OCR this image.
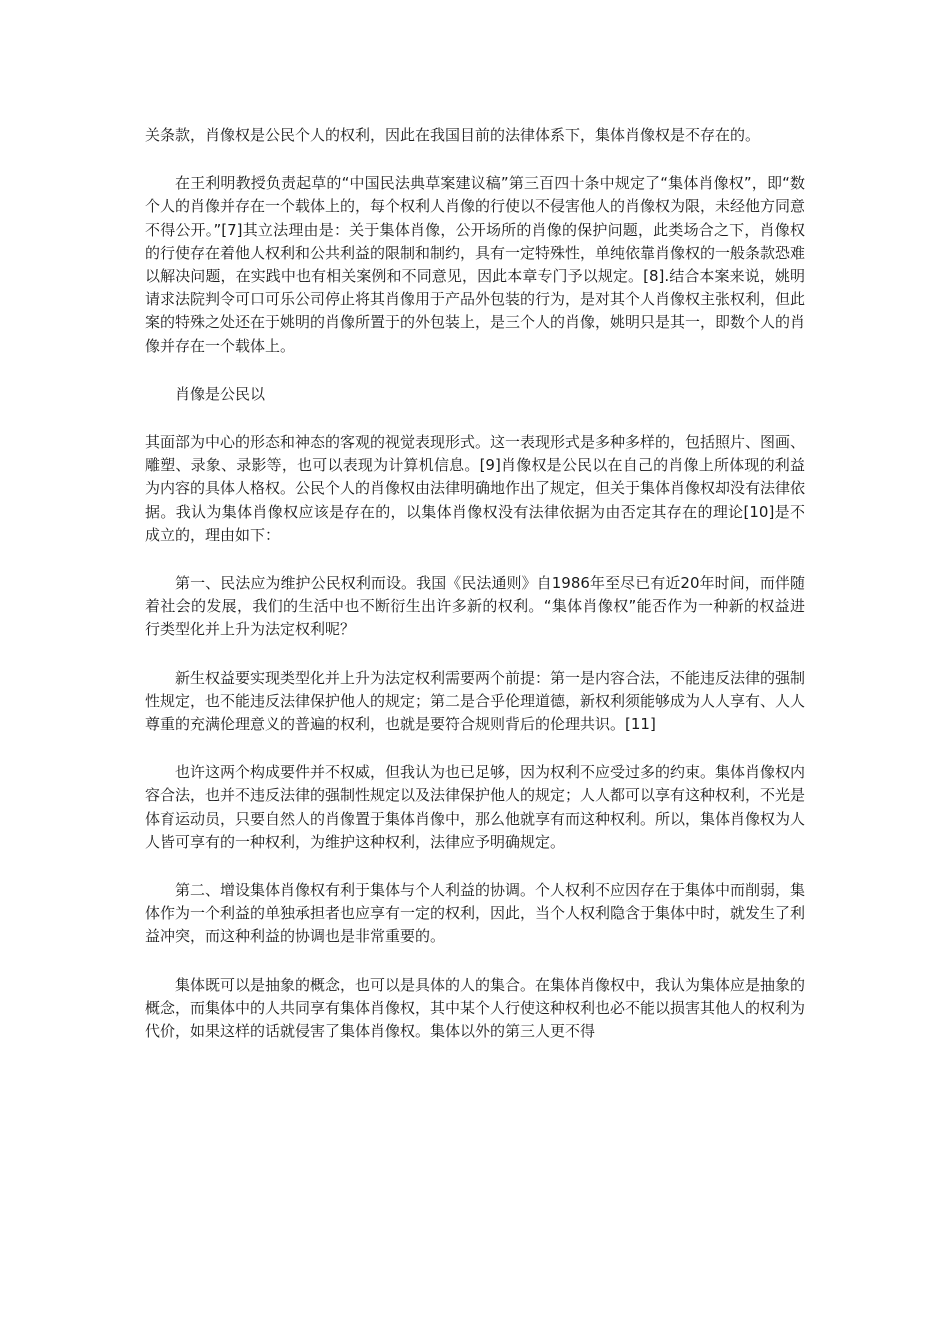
关条款，肖像权是公民个人的权利，因此在我国目前的法律体系下，集体肖像权是不存在的。

在王利明教授负责起草的“中国民法典草案建议稿”第三百四十条中规定了“集体肖像权”，即“数个人的肖像并存在一个载体上的，每个权利人肖像的行使以不侵害他人的肖像权为限，未经他方同意不得公开。”[7]其立法理由是：关于集体肖像，公开场所的肖像的保护问题，此类场合之下，肖像权的行使存在着他人权利和公共利益的限制和制约，具有一定特殊性，单纯依靠肖像权的一般条款恐难以解决问题，在实践中也有相关案例和不同意见，因此本章专门予以规定。[8].结合本案来说，姚明请求法院判令可口可乐公司停止将其肖像用于产品外包装的行为，是对其个人肖像权主张权利，但此案的特殊之处还在于姚明的肖像所置于的外包装上，是三个人的肖像，姚明只是其一，即数个人的肖像并存在一个载体上。

肖像是公民以

其面部为中心的形态和神态的客观的视觉表现形式。这一表现形式是多种多样的，包括照片、图画、雕塑、录象、录影等，也可以表现为计算机信息。[9]肖像权是公民以在自己的肖像上所体现的利益为内容的具体人格权。公民个人的肖像权由法律明确地作出了规定，但关于集体肖像权却没有法律依据。我认为集体肖像权应该是存在的，以集体肖像权没有法律依据为由否定其存在的理论[10]是不成立的，理由如下：

第一、民法应为维护公民权利而设。我国《民法通则》自1986年至尽已有近20年时间，而伴随着社会的发展，我们的生活中也不断衍生出许多新的权利。“集体肖像权”能否作为一种新的权益进行类型化并上升为法定权利呢？

新生权益要实现类型化并上升为法定权利需要两个前提：第一是内容合法，不能违反法律的强制性规定，也不能违反法律保护他人的规定；第二是合乎伦理道德，新权利须能够成为人人享有、人人尊重的充满伦理意义的普遍的权利，也就是要符合规则背后的伦理共识。[11]

也许这两个构成要件并不权威，但我认为也已足够，因为权利不应受过多的约束。集体肖像权内容合法，也并不违反法律的强制性规定以及法律保护他人的规定；人人都可以享有这种权利，不光是体育运动员，只要自然人的肖像置于集体肖像中，那么他就享有而这种权利。所以，集体肖像权为人人皆可享有的一种权利，为维护这种权利，法律应予明确规定。

第二、增设集体肖像权有利于集体与个人利益的协调。个人权利不应因存在于集体中而削弱，集体作为一个利益的单独承担者也应享有一定的权利，因此，当个人权利隐含于集体中时，就发生了利益冲突，而这种利益的协调也是非常重要的。

集体既可以是抽象的概念，也可以是具体的人的集合。在集体肖像权中，我认为集体应是抽象的概念，而集体中的人共同享有集体肖像权，其中某个人行使这种权利也必不能以损害其他人的权利为代价，如果这样的话就侵害了集体肖像权。集体以外的第三人更不得
